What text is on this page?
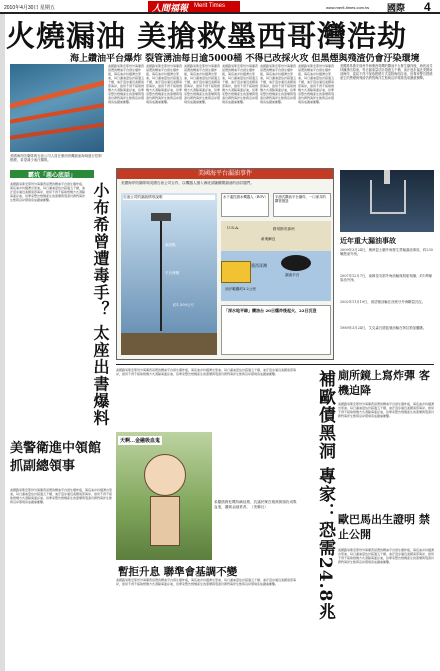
2010年4月30日 星期五	人間福報 Merit Times	www.merit-times.com.tw 國際 4
火燒漏油 美搶救墨西哥灣浩劫
海上鑽油平台爆炸 裂管湧油每日逾5000桶 不得已改採火攻 但黑煙與殘渣仍會汙染環境
美國海岸防衛隊與石油公司人員在墨西哥灣漏油海域進行控制燃燒，希望減少油汙擴散。
美國路易斯安那州外海墨西哥灣的鑽油平台發生爆炸後，海底油井持續湧出原油，每日漏油量估計超過五千桶，油汙逐步逼近美國南部海岸，當局不得不採取燃燒方式清除海面浮油，但專家警告燃燒產生的黑煙與殘渣仍將對海洋生態與沿岸環境造成嚴重衝擊。
美國路易斯安那州外海墨西哥灣的鑽油平台發生爆炸後，海底油井持續湧出原油，每日漏油量估計超過五千桶，油汙逐步逼近美國南部海岸，當局不得不採取燃燒方式清除海面浮油，但專家警告燃燒產生的黑煙與殘渣仍將對海洋生態與沿岸環境造成嚴重衝擊。
美國路易斯安那州外海墨西哥灣的鑽油平台發生爆炸後，海底油井持續湧出原油，每日漏油量估計超過五千桶，油汙逐步逼近美國南部海岸，當局不得不採取燃燒方式清除海面浮油，但專家警告燃燒產生的黑煙與殘渣仍將對海洋生態與沿岸環境造成嚴重衝擊。
美國路易斯安那州外海墨西哥灣的鑽油平台發生爆炸後，海底油井持續湧出原油，每日漏油量估計超過五千桶，油汙逐步逼近美國南部海岸，當局不得不採取燃燒方式清除海面浮油，但專家警告燃燒產生的黑煙與殘渣仍將對海洋生態與沿岸環境造成嚴重衝擊。
美國路易斯安那州外海墨西哥灣的鑽油平台發生爆炸後，海底油井持續湧出原油，每日漏油量估計超過五千桶，油汙逐步逼近美國南部海岸，當局不得不採取燃燒方式清除海面浮油，但專家警告燃燒產生的黑煙與殘渣仍將對海洋生態與沿岸環境造成嚴重衝擊。
美國路易斯安那州外海墨西哥灣的鑽油平台發生爆炸後，海底油井持續湧出原油，每日漏油量估計超過五千桶，油汙逐步逼近美國南部海岸，當局不得不採取燃燒方式清除海面浮油，但專家警告燃燒產生的黑煙與殘渣仍將對海洋生態與沿岸環境造成嚴重衝擊。
美國路易斯安那州外海墨西哥灣的鑽油平台發生爆炸後，海底油井持續湧出原油，每日漏油量估計超過五千桶，油汙逐步逼近美國南部海岸，當局不得不採取燃燒方式清除海面浮油，但專家警告燃燒產生的黑煙與殘渣仍將對海洋生態與沿岸環境造成嚴重衝擊。
霸坑「惡心底話」
小布希曾遭毒手？ 太座出書爆料
美國路易斯安那州外海墨西哥灣的鑽油平台發生爆炸後，海底油井持續湧出原油，每日漏油量估計超過五千桶，油汙逐步逼近美國南部海岸，當局不得不採取燃燒方式清除海面浮油，但專家警告燃燒產生的黑煙與殘渣仍將對海洋生態與沿岸環境造成嚴重衝擊。
美國海平台漏油事件
美國海岸防衛隊與英國石油公司合作，以機器人潛入海底試圖關閉漏油的油井閥門。
石油公司的漏油情形說明
漏油點
平台殘骸
約1,500公尺
水下遙控潛水機器人（ROV） 半潛式鑽油平台爆炸，一口深井的鑽管損毀
U.S.A.
新奧爾良
路易斯安那州
漏油平台
油汙範圍約3.2公里
墨西哥灣
「深水地平線」鑽油台 20日爆炸後起火、22日沉沒
近年重大漏油事故
2009年3月24日，澳洲昆士蘭外海發生貨輪漏油事故，約230噸燃油外洩。
2007年12月7日，南韓泰安郡外海油輪與駁船相撞，約1萬噸原油外洩。
2002年11月19日，威望號油輪在西班牙外海斷裂沉沒。
1989年3月24日，艾克森瓦德茲號油輪在阿拉斯加觸礁。
天啊…金融吸血鬼
希臘債務危機持續延燒，抗議民眾在雅典街頭扮成吸血鬼，諷刺金融業者。（美聯社）
美國路易斯安那州外海墨西哥灣的鑽油平台發生爆炸後，海底油井持續湧出原油，每日漏油量估計超過五千桶，油汙逐步逼近美國南部海岸，當局不得不採取燃燒方式清除海面浮油，但專家警告燃燒產生的黑煙與殘渣仍將對海洋生態與沿岸環境造成嚴重衝擊。	補歐債黑洞 專家：恐需24.8兆
暫拒升息 聯準會基調不變
美國路易斯安那州外海墨西哥灣的鑽油平台發生爆炸後，海底油井持續湧出原油，每日漏油量估計超過五千桶，油汙逐步逼近美國南部海岸，當局不得不採取燃燒方式清除海面浮油，但專家警告燃燒產生的黑煙與殘渣仍將對海洋生態與沿岸環境造成嚴重衝擊。
美警衛進中領館 抓副總領事
美國路易斯安那州外海墨西哥灣的鑽油平台發生爆炸後，海底油井持續湧出原油，每日漏油量估計超過五千桶，油汙逐步逼近美國南部海岸，當局不得不採取燃燒方式清除海面浮油，但專家警告燃燒產生的黑煙與殘渣仍將對海洋生態與沿岸環境造成嚴重衝擊。
廁所鏡上寫炸彈 客機迫降
美國路易斯安那州外海墨西哥灣的鑽油平台發生爆炸後，海底油井持續湧出原油，每日漏油量估計超過五千桶，油汙逐步逼近美國南部海岸，當局不得不採取燃燒方式清除海面浮油，但專家警告燃燒產生的黑煙與殘渣仍將對海洋生態與沿岸環境造成嚴重衝擊。
歐巴馬出生證明 禁止公開
美國路易斯安那州外海墨西哥灣的鑽油平台發生爆炸後，海底油井持續湧出原油，每日漏油量估計超過五千桶，油汙逐步逼近美國南部海岸，當局不得不採取燃燒方式清除海面浮油，但專家警告燃燒產生的黑煙與殘渣仍將對海洋生態與沿岸環境造成嚴重衝擊。
